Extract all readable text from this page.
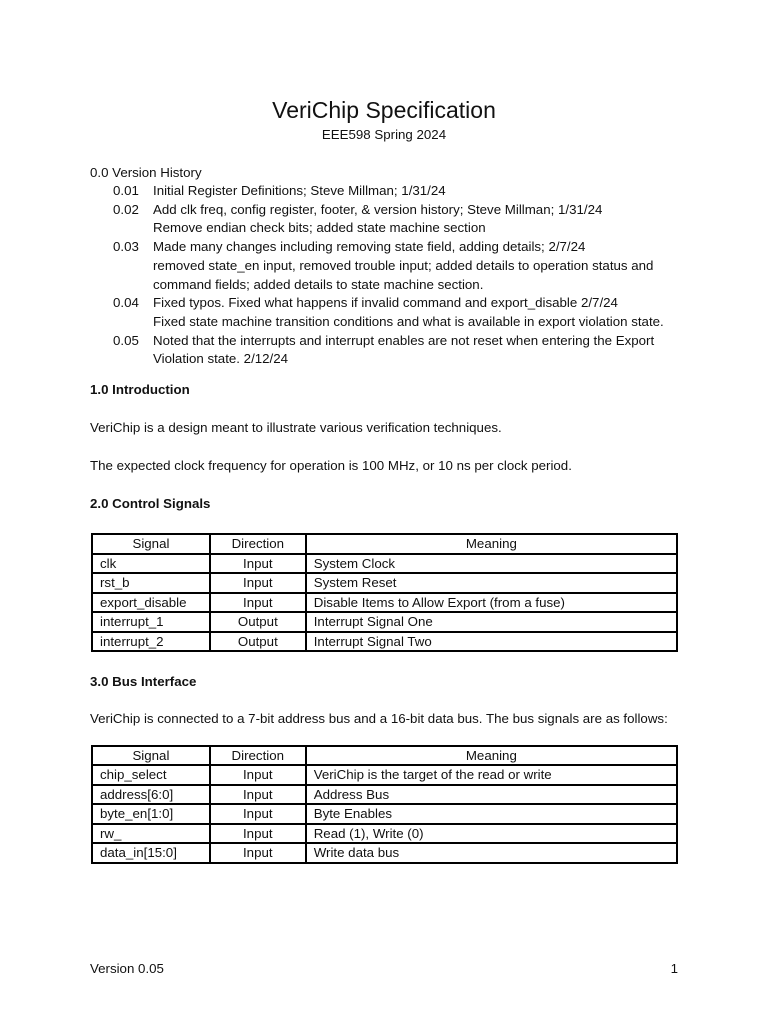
VeriChip Specification
EEE598 Spring 2024
0.0 Version History
0.01	Initial Register Definitions; Steve Millman; 1/31/24
0.02	Add clk freq, config register, footer, & version history; Steve Millman; 1/31/24
Remove endian check bits; added state machine section
0.03	Made many changes including removing state field, adding details; 2/7/24
removed state_en input, removed trouble input; added details to operation status and command fields; added details to state machine section.
0.04	Fixed typos. Fixed what happens if invalid command and export_disable 2/7/24
Fixed state machine transition conditions and what is available in export violation state.
0.05	Noted that the interrupts and interrupt enables are not reset when entering the Export Violation state. 2/12/24
1.0 Introduction
VeriChip is a design meant to illustrate various verification techniques.
The expected clock frequency for operation is 100 MHz, or 10 ns per clock period.
2.0 Control Signals
Signal	Direction	Meaning
clk	Input	System Clock
rst_b	Input	System Reset
export_disable	Input	Disable Items to Allow Export (from a fuse)
interrupt_1	Output	Interrupt Signal One
interrupt_2	Output	Interrupt Signal Two
3.0 Bus Interface
VeriChip is connected to a 7-bit address bus and a 16-bit data bus. The bus signals are as follows:
Signal	Direction	Meaning
chip_select	Input	VeriChip is the target of the read or write
address[6:0]	Input	Address Bus
byte_en[1:0]	Input	Byte Enables
rw_	Input	Read (1), Write (0)
data_in[15:0]	Input	Write data bus
Version 0.05	1
